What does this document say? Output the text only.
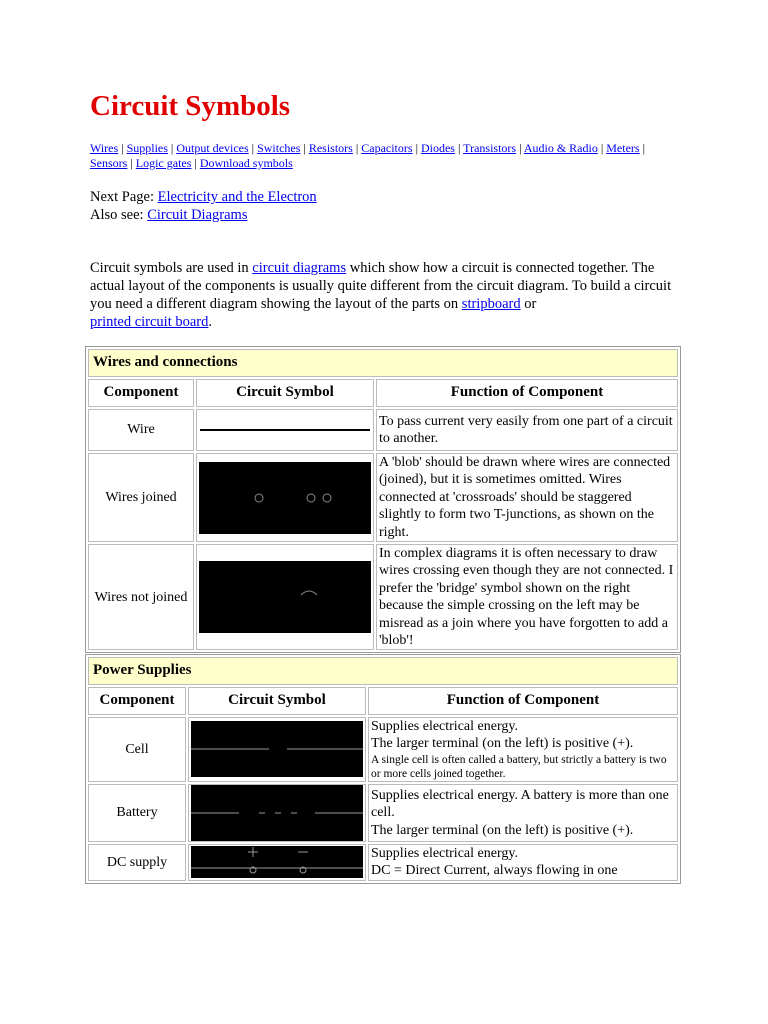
Circuit Symbols
Wires | Supplies | Output devices | Switches | Resistors | Capacitors | Diodes | Transistors | Audio & Radio | Meters | Sensors | Logic gates | Download symbols
Next Page: Electricity and the Electron
Also see: Circuit Diagrams
Circuit symbols are used in circuit diagrams which show how a circuit is connected together. The actual layout of the components is usually quite different from the circuit diagram. To build a circuit you need a different diagram showing the layout of the parts on stripboard or
printed circuit board.
Wires and connections		
Component	Circuit Symbol	Function of Component
Wire		To pass current very easily from one part of a circuit to another.
Wires joined		A 'blob' should be drawn where wires are connected (joined), but it is sometimes omitted. Wires connected at 'crossroads' should be staggered slightly to form two T-junctions, as shown on the right.
Wires not joined		In complex diagrams it is often necessary to draw wires crossing even though they are not connected. I prefer the 'bridge' symbol shown on the right because the simple crossing on the left may be misread as a join where you have forgotten to add a 'blob'!
Power Supplies		
Component	Circuit Symbol	Function of Component
Cell		Supplies electrical energy.
The larger terminal (on the left) is positive (+).
A single cell is often called a battery, but strictly a battery is two or more cells joined together.

Battery		Supplies electrical energy. A battery is more than one cell.
The larger terminal (on the left) is positive (+).
DC supply		Supplies electrical energy.
DC = Direct Current, always flowing in one
